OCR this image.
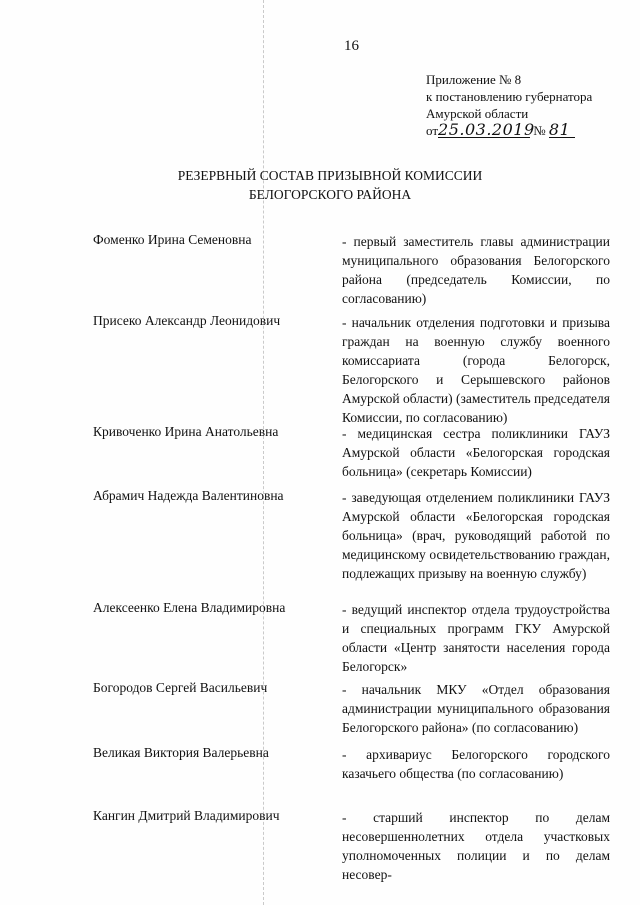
16
Приложение № 8
к постановлению губернатора
Амурской области
от25.03.2019 № 81
РЕЗЕРВНЫЙ СОСТАВ ПРИЗЫВНОЙ КОМИССИИ
БЕЛОГОРСКОГО РАЙОНА
Фоменко Ирина Семеновна	- первый заместитель главы администрации муниципального образования Белогорского района (председатель Комиссии, по согласованию)
Присеко Александр Леонидович	- начальник отделения подготовки и призыва граждан на военную службу военного комиссариата (города Белогорск, Белогорского и Серышевского районов Амурской области) (заместитель председателя Комиссии, по согласованию)
Кривоченко Ирина Анатольевна	- медицинская сестра поликлиники ГАУЗ Амурской области «Белогорская городская больница» (секретарь Комиссии)
Абрамич Надежда Валентиновна	- заведующая отделением поликлиники ГАУЗ Амурской области «Белогорская городская больница» (врач, руководящий работой по медицинскому освидетельствованию граждан, подлежащих призыву на военную службу)
Алексеенко Елена Владимировна	- ведущий инспектор отдела трудоустройства и специальных программ ГКУ Амурской области «Центр занятости населения города Белогорск»
Богородов Сергей Васильевич	- начальник МКУ «Отдел образования администрации муниципального образования Белогорского района» (по согласованию)
Великая Виктория Валерьевна	- архивариус Белогорского городского казачьего общества (по согласованию)
Кангин Дмитрий Владимирович	- старший инспектор по делам несовершеннолетних отдела участковых уполномоченных полиции и по делам несовер-
